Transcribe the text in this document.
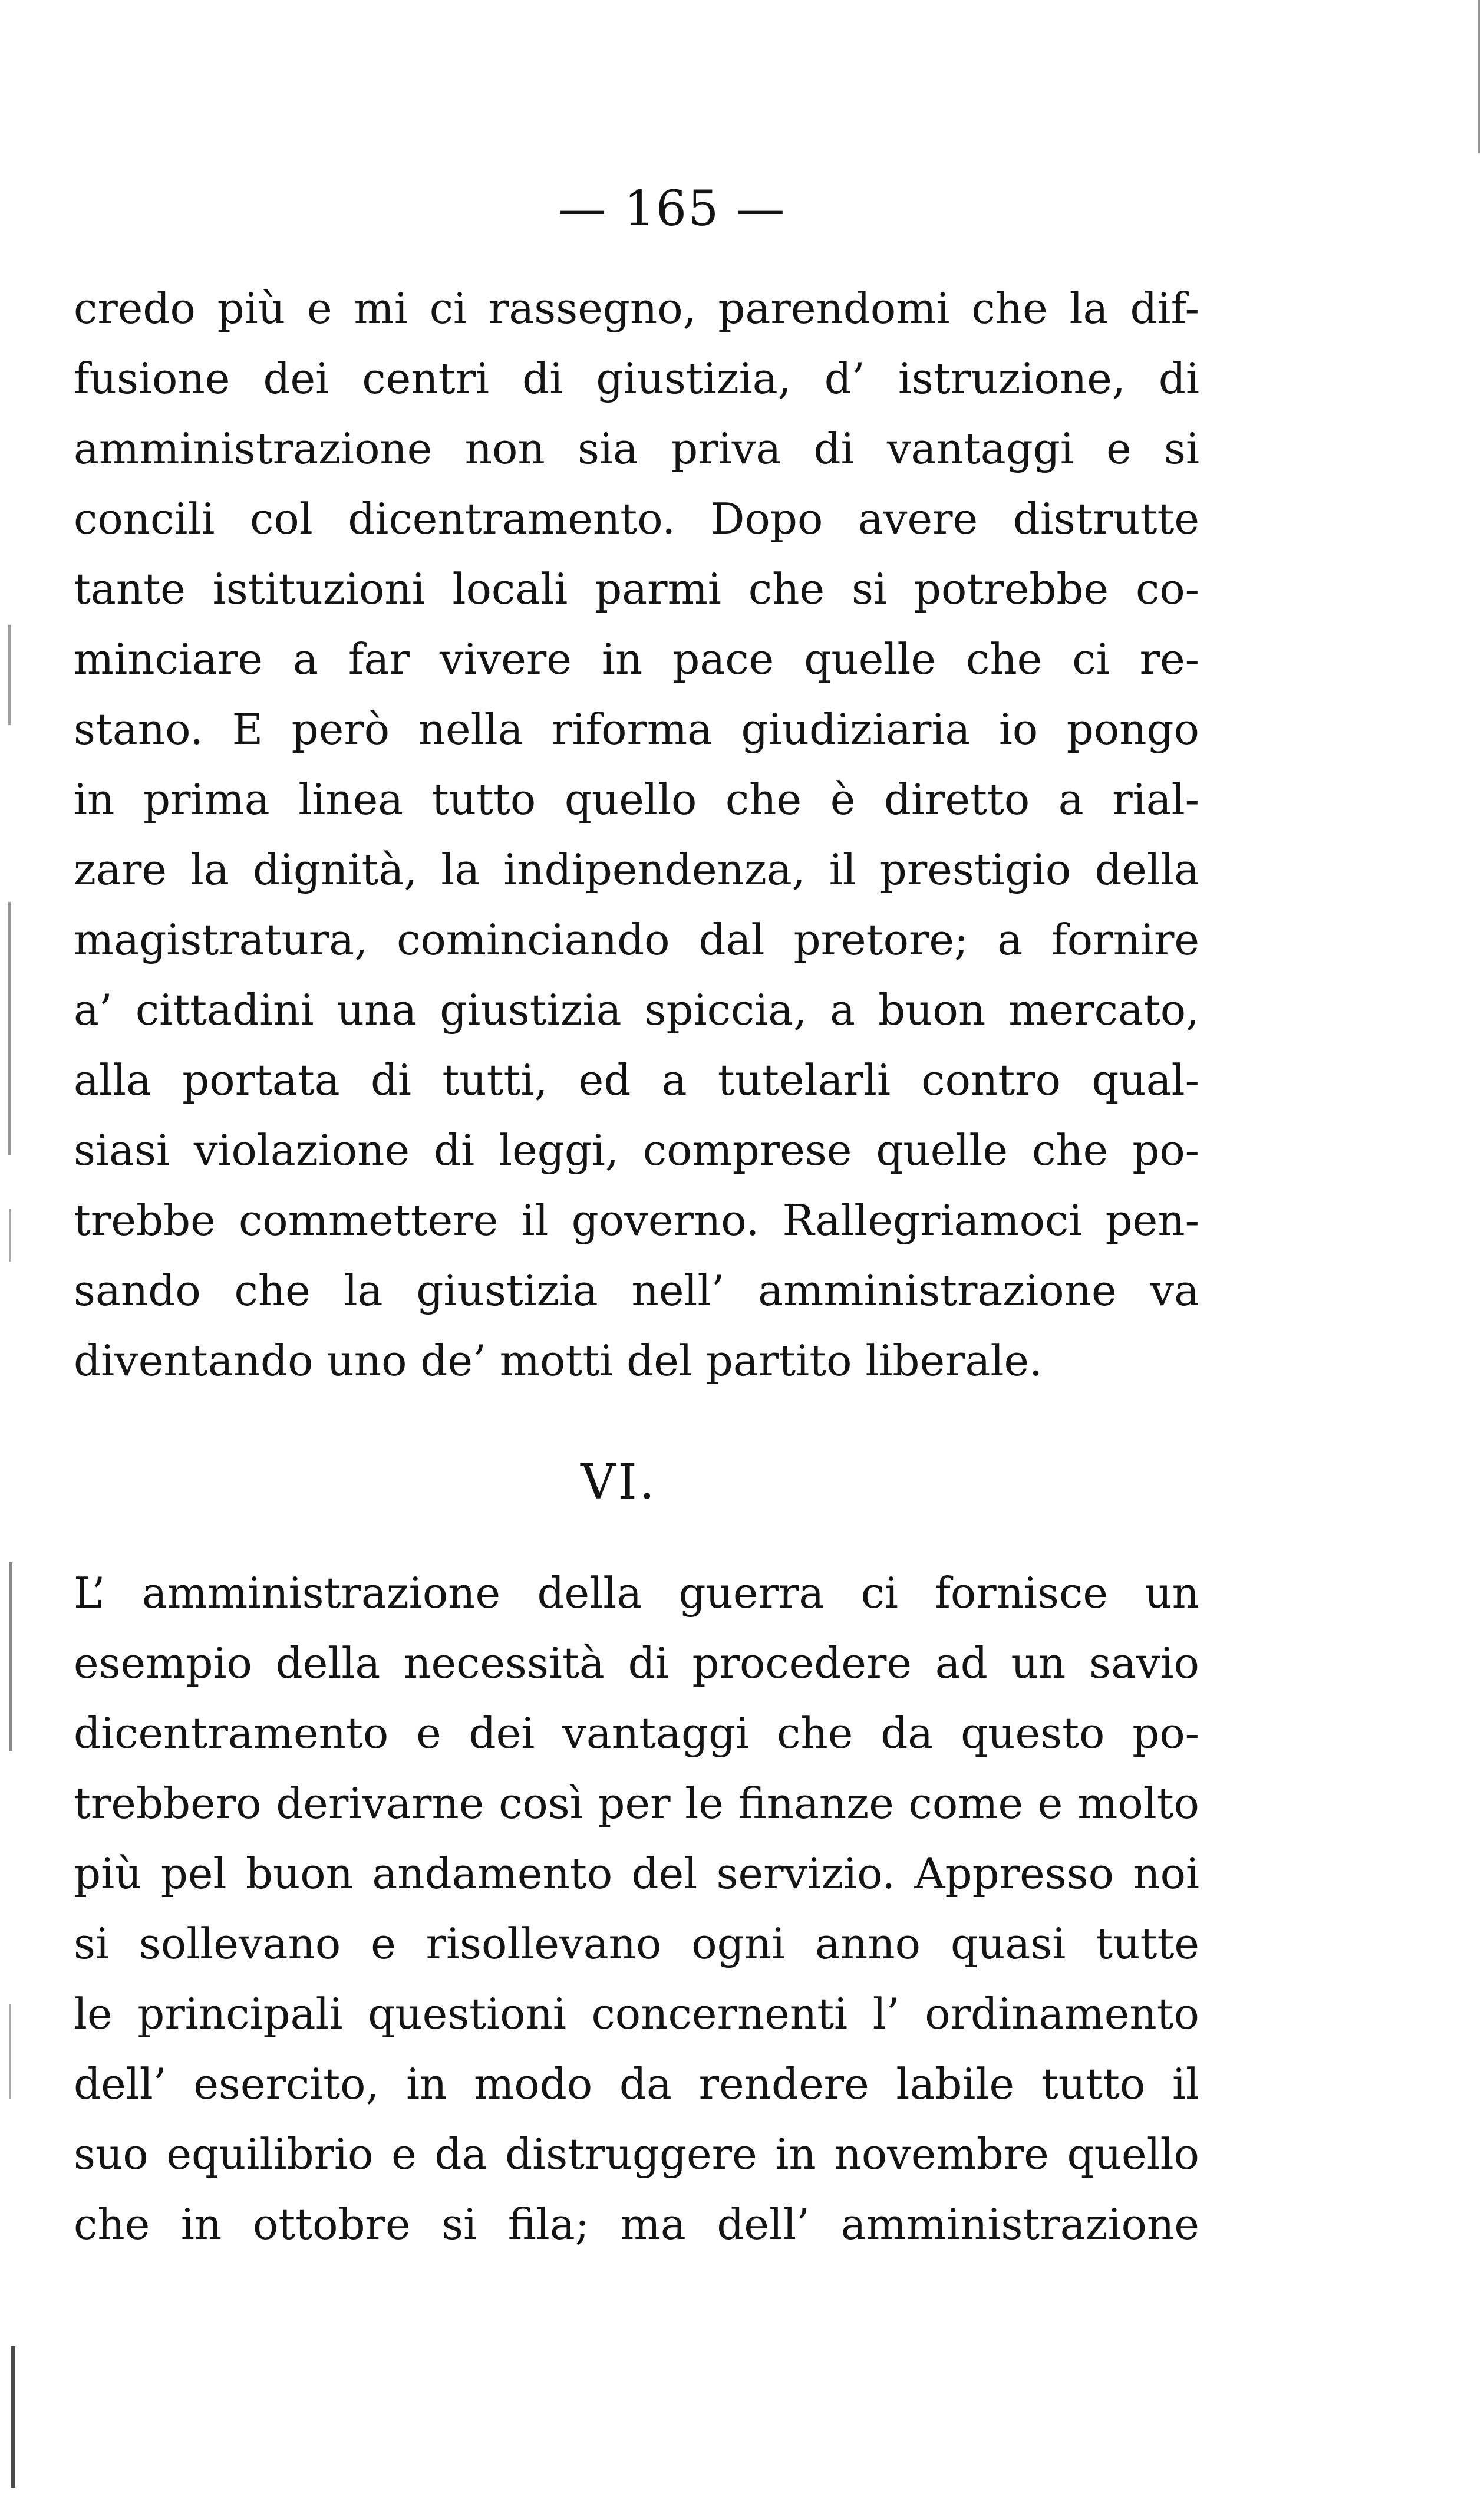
— 165 —
credo più e mi ci rassegno, parendomi che la dif-
fusione dei centri di giustizia, d’ istruzione, di
amministrazione non sia priva di vantaggi e si
concili col dicentramento. Dopo avere distrutte
tante istituzioni locali parmi che si potrebbe co-
minciare a far vivere in pace quelle che ci re-
stano. E però nella riforma giudiziaria io pongo
in prima linea tutto quello che è diretto a rial-
zare la dignità, la indipendenza, il prestigio della
magistratura, cominciando dal pretore; a fornire
a’ cittadini una giustizia spiccia, a buon mercato,
alla portata di tutti, ed a tutelarli contro qual-
siasi violazione di leggi, comprese quelle che po-
trebbe commettere il governo. Rallegriamoci pen-
sando che la giustizia nell’ amministrazione va
diventando uno de’ motti del partito liberale.
VI.
L’ amministrazione della guerra ci fornisce un
esempio della necessità di procedere ad un savio
dicentramento e dei vantaggi che da questo po-
trebbero derivarne così per le finanze come e molto
più pel buon andamento del servizio. Appresso noi
si sollevano e risollevano ogni anno quasi tutte
le principali questioni concernenti l’ ordinamento
dell’ esercito, in modo da rendere labile tutto il
suo equilibrio e da distruggere in novembre quello
che in ottobre si fila; ma dell’ amministrazione
